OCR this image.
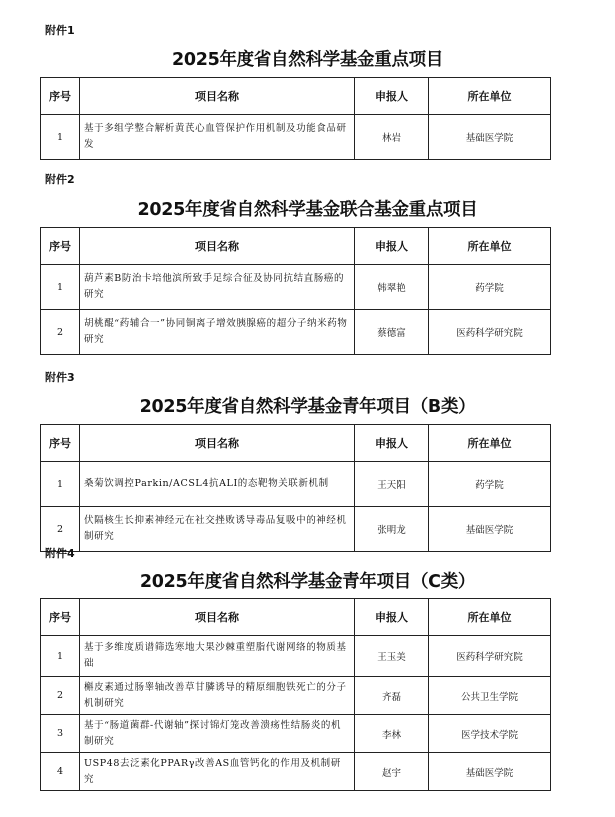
附件1
2025年度省自然科学基金重点项目
序号	项目名称	申报人	所在单位
1	基于多组学整合解析黄芪心血管保护作用机制及功能食品研发	林岩	基础医学院
附件2
2025年度省自然科学基金联合基金重点项目
序号	项目名称	申报人	所在单位
1	葫芦素B防治卡培他滨所致手足综合征及协同抗结直肠癌的研究	韩翠艳	药学院
2	胡桃醌“药辅合一”协同铜离子增效胰腺癌的超分子纳米药物研究	蔡德富	医药科学研究院
附件3
2025年度省自然科学基金青年项目（B类）
序号	项目名称	申报人	所在单位
1	桑菊饮调控Parkin/ACSL4抗ALI的态靶物关联新机制	王天阳	药学院
2	伏隔核生长抑素神经元在社交挫败诱导毒品复吸中的神经机制研究	张明龙	基础医学院
附件4
2025年度省自然科学基金青年项目（C类）
序号	项目名称	申报人	所在单位
1	基于多维度质谱筛选寒地大果沙棘重塑脂代谢网络的物质基础	王玉美	医药科学研究院
2	槲皮素通过肠睾轴改善草甘膦诱导的精原细胞铁死亡的分子机制研究	齐磊	公共卫生学院
3	基于“肠道菌群-代谢轴”探讨锦灯笼改善溃疡性结肠炎的机制研究	李林	医学技术学院
4	USP48去泛素化PPARγ改善AS血管钙化的作用及机制研究	赵宇	基础医学院
